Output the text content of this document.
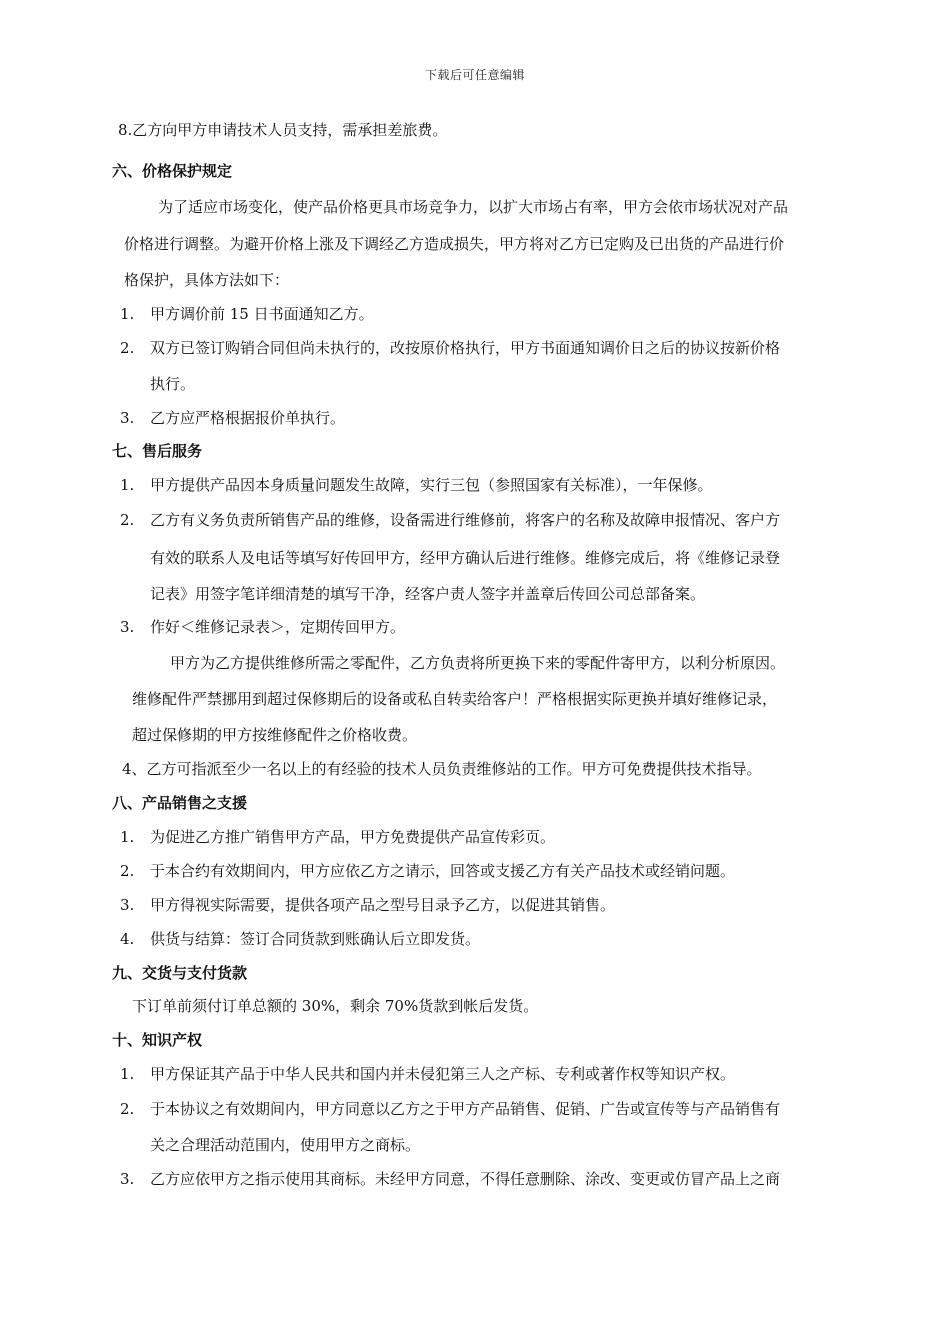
下载后可任意编辑
8.乙方向甲方申请技术人员支持，需承担差旅费。
六、价格保护规定
为了适应市场变化，使产品价格更具市场竞争力，以扩大市场占有率，甲方会依市场状况对产品
价格进行调整。为避开价格上涨及下调经乙方造成损失，甲方将对乙方已定购及已出货的产品进行价
格保护，具体方法如下：
1.	甲方调价前 15 日书面通知乙方。
2.	双方已签订购销合同但尚未执行的，改按原价格执行，甲方书面通知调价日之后的协议按新价格
执行。
3.	乙方应严格根据报价单执行。
七、售后服务
1.	甲方提供产品因本身质量问题发生故障，实行三包（参照国家有关标准），一年保修。
2.	乙方有义务负责所销售产品的维修，设备需进行维修前，将客户的名称及故障申报情况、客户方
有效的联系人及电话等填写好传回甲方，经甲方确认后进行维修。维修完成后，将《维修记录登
记表》用签字笔详细清楚的填写干净，经客户责人签字并盖章后传回公司总部备案。
3.	作好＜维修记录表＞，定期传回甲方。
甲方为乙方提供维修所需之零配件，乙方负责将所更换下来的零配件寄甲方，以利分析原因。
维修配件严禁挪用到超过保修期后的设备或私自转卖给客户！严格根据实际更换并填好维修记录，
超过保修期的甲方按维修配件之价格收费。
4、乙方可指派至少一名以上的有经验的技术人员负责维修站的工作。甲方可免费提供技术指导。
八、产品销售之支援
1.	为促进乙方推广销售甲方产品，甲方免费提供产品宣传彩页。
2.	于本合约有效期间内，甲方应依乙方之请示，回答或支援乙方有关产品技术或经销问题。
3.	甲方得视实际需要，提供各项产品之型号目录予乙方，以促进其销售。
4.	供货与结算：签订合同货款到账确认后立即发货。
九、交货与支付货款
下订单前须付订单总额的 30%，剩余 70%货款到帐后发货。
十、知识产权
1.	甲方保证其产品于中华人民共和国内并未侵犯第三人之产标、专利或著作权等知识产权。
2.	于本协议之有效期间内，甲方同意以乙方之于甲方产品销售、促销、广告或宣传等与产品销售有
关之合理活动范围内，使用甲方之商标。
3.	乙方应依甲方之指示使用其商标。未经甲方同意，不得任意删除、涂改、变更或仿冒产品上之商
